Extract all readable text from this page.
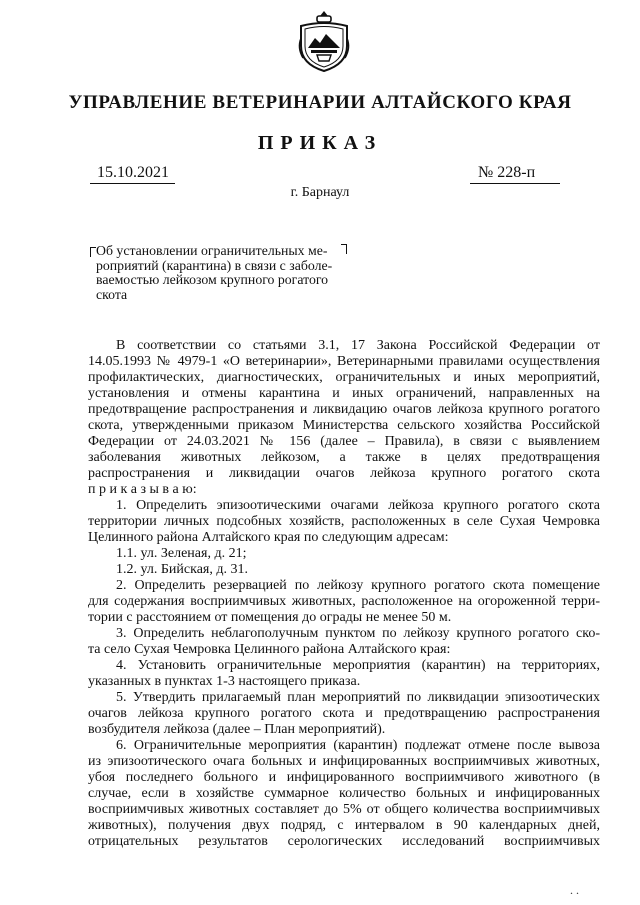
УПРАВЛЕНИЕ ВЕТЕРИНАРИИ АЛТАЙСКОГО КРАЯ
ПРИКАЗ
15.10.2021	№ 228-п
г. Барнаул
Об установлении ограничительных ме-
роприятий (карантина) в связи с заболе-
ваемостью лейкозом крупного рогатого
скота
В соответствии со статьями 3.1, 17 Закона Российской Федерации от
14.05.1993 № 4979-1 «О ветеринарии», Ветеринарными правилами осуществления
профилактических, диагностических, ограничительных и иных мероприятий,
установления и отмены карантина и иных ограничений, направленных на
предотвращение распространения и ликвидацию очагов лейкоза крупного рогатого
скота, утвержденными приказом Министерства сельского хозяйства Российской
Федерации от 24.03.2021 № 156 (далее – Правила), в связи с выявлением
заболевания животных лейкозом, а также в целях предотвращения
распространения и ликвидации очагов лейкоза крупного рогатого скота
п р и к а з ы в а ю:
1. Определить эпизоотическими очагами лейкоза крупного рогатого скота
территории личных подсобных хозяйств, расположенных в селе Сухая Чемровка
Целинного района Алтайского края по следующим адресам:
1.1. ул. Зеленая, д. 21;
1.2. ул. Бийская, д. 31.
2. Определить резервацией по лейкозу крупного рогатого скота помещение
для содержания восприимчивых животных, расположенное на огороженной терри-
тории с расстоянием от помещения до ограды не менее 50 м.
3. Определить неблагополучным пунктом по лейкозу крупного рогатого ско-
та село Сухая Чемровка Целинного района Алтайского края:
4. Установить ограничительные мероприятия (карантин) на территориях,
указанных в пунктах 1-3 настоящего приказа.
5. Утвердить прилагаемый план мероприятий по ликвидации эпизоотических
очагов лейкоза крупного рогатого скота и предотвращению распространения
возбудителя лейкоза (далее – План мероприятий).
6. Ограничительные мероприятия (карантин) подлежат отмене после вывоза
из эпизоотического очага больных и инфицированных восприимчивых животных,
убоя последнего больного и инфицированного восприимчивого животного (в
случае, если в хозяйстве суммарное количество больных и инфицированных
восприимчивых животных составляет до 5% от общего количества восприимчивых
животных), получения двух подряд, с интервалом в 90 календарных дней,
отрицательных результатов серологических исследований восприимчивых
. .
